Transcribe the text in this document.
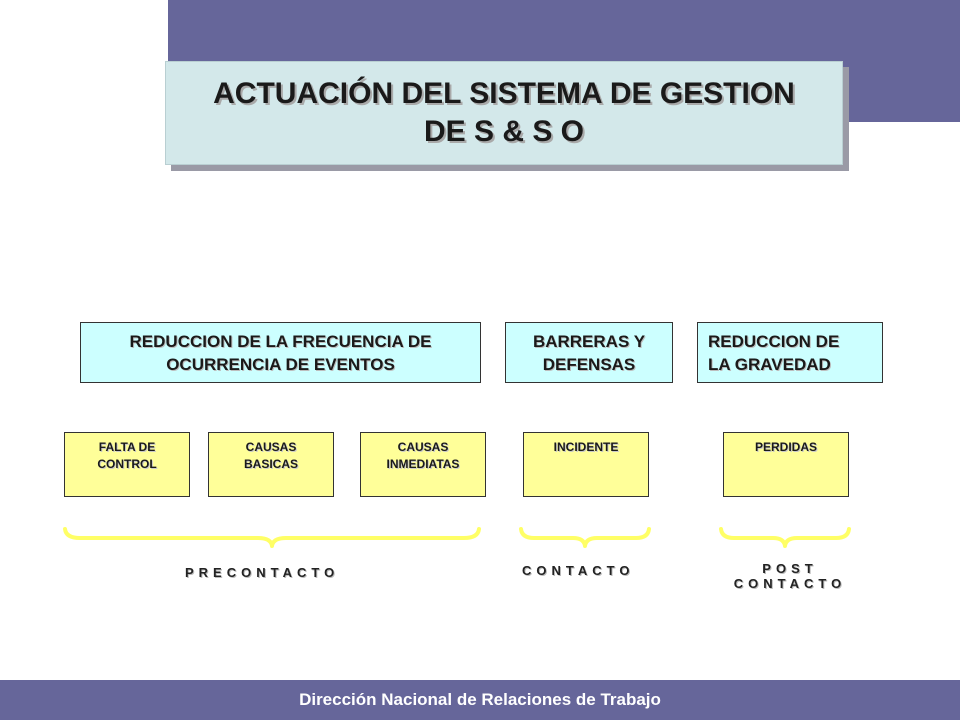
ACTUACIÓN DEL SISTEMA DE GESTION
DE S & S O
REDUCCION DE LA FRECUENCIA DE
OCURRENCIA DE EVENTOS
BARRERAS Y
DEFENSAS
REDUCCION DE
LA GRAVEDAD
FALTA DE
CONTROL
CAUSAS
BASICAS
CAUSAS
INMEDIATAS
INCIDENTE	PERDIDAS
PRECONTACTO	CONTACTO	POST
CONTACTO
Dirección Nacional de Relaciones de Trabajo
